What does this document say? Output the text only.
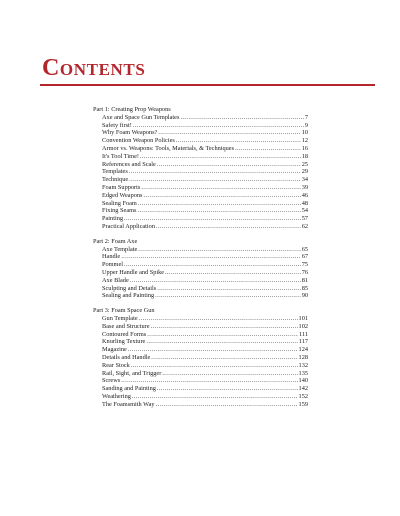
Contents
Part 1: Creating Prop Weapons
Axe and Space Gun Templates .....	7
Safety first! .....	9
Why Foam Weapons? .....	10
Convention Weapon Policies .....	12
Armor vs. Weapons: Tools, Materials, & Techniques .....	16
It's Tool Time! .....	18
References and Scale .....	25
Templates .....	29
Technique .....	34
Foam Supports .....	39
Edged Weapons .....	46
Sealing Foam .....	48
Fixing Seams .....	54
Painting .....	57
Practical Application .....	62
Part 2: Foam Axe
Axe Template .....	65
Handle .....	67
Pommel .....	75
Upper Handle and Spike .....	76
Axe Blade .....	81
Sculpting and Details .....	85
Sealing and Painting .....	90
Part 3: Foam Space Gun
Gun Template .....	101
Base and Structure .....	102
Contoured Forms .....	111
Knurling Texture .....	117
Magazine .....	124
Details and Handle .....	128
Rear Stock .....	132
Rail, Sight, and Trigger .....	135
Screws .....	140
Sanding and Painting .....	142
Weathering .....	152
The Foamsmith Way .....	159
